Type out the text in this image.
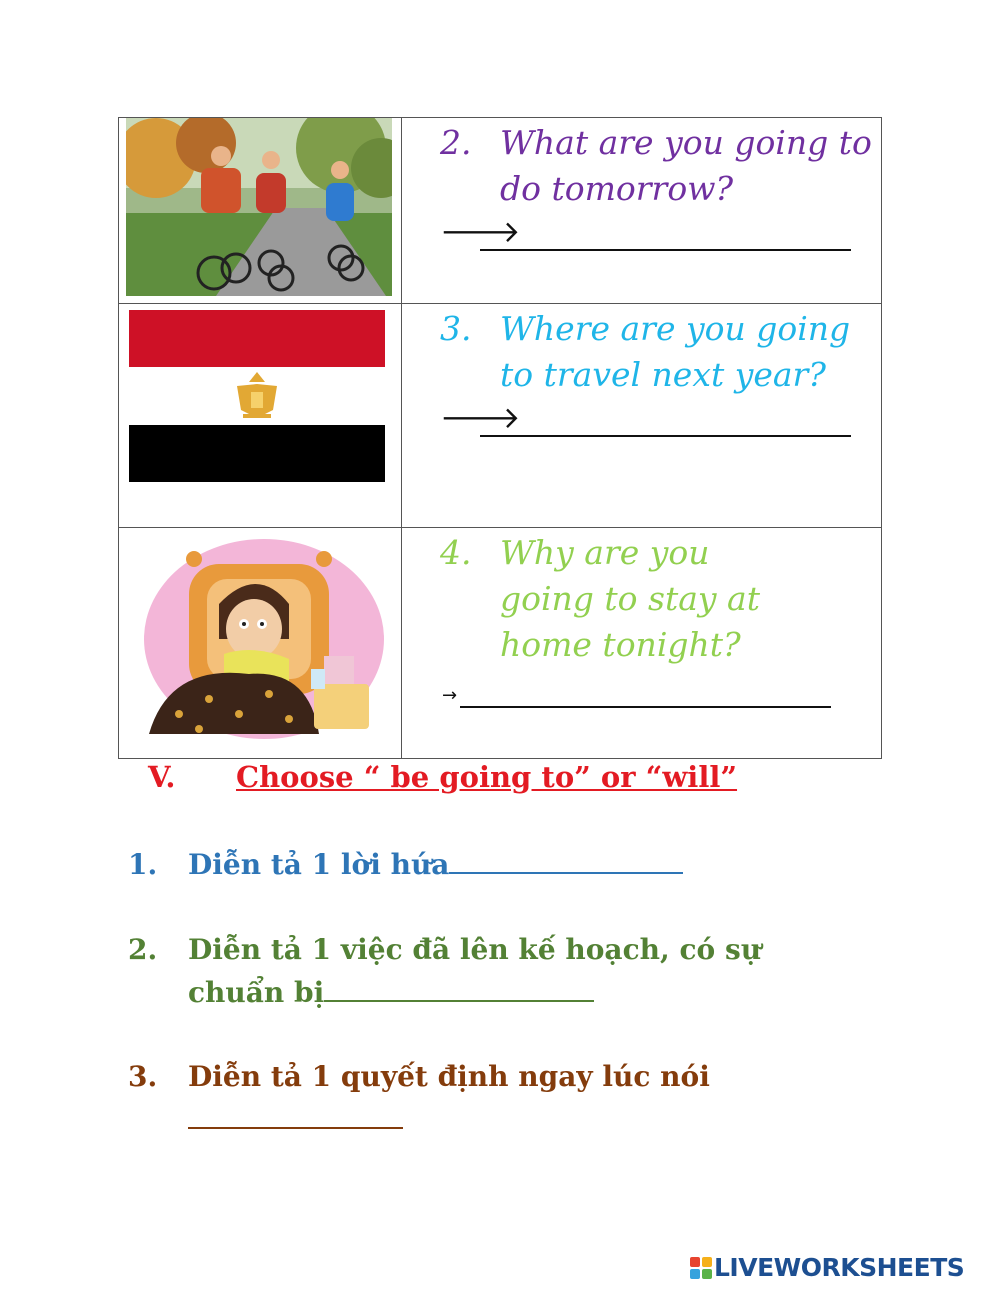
2. What are you going to do tomorrow?
🡒

3. Where are you going to travel next year?
🡒

4. Why are you going to stay at home tonight?
→
V. Choose “ be going to” or “will”
1. Diễn tả 1 lời hứa
2. Diễn tả 1 việc đã lên kế hoạch, có sự chuẩn bị
3. Diễn tả 1 quyết định ngay lúc nói
LIVEWORKSHEETS
